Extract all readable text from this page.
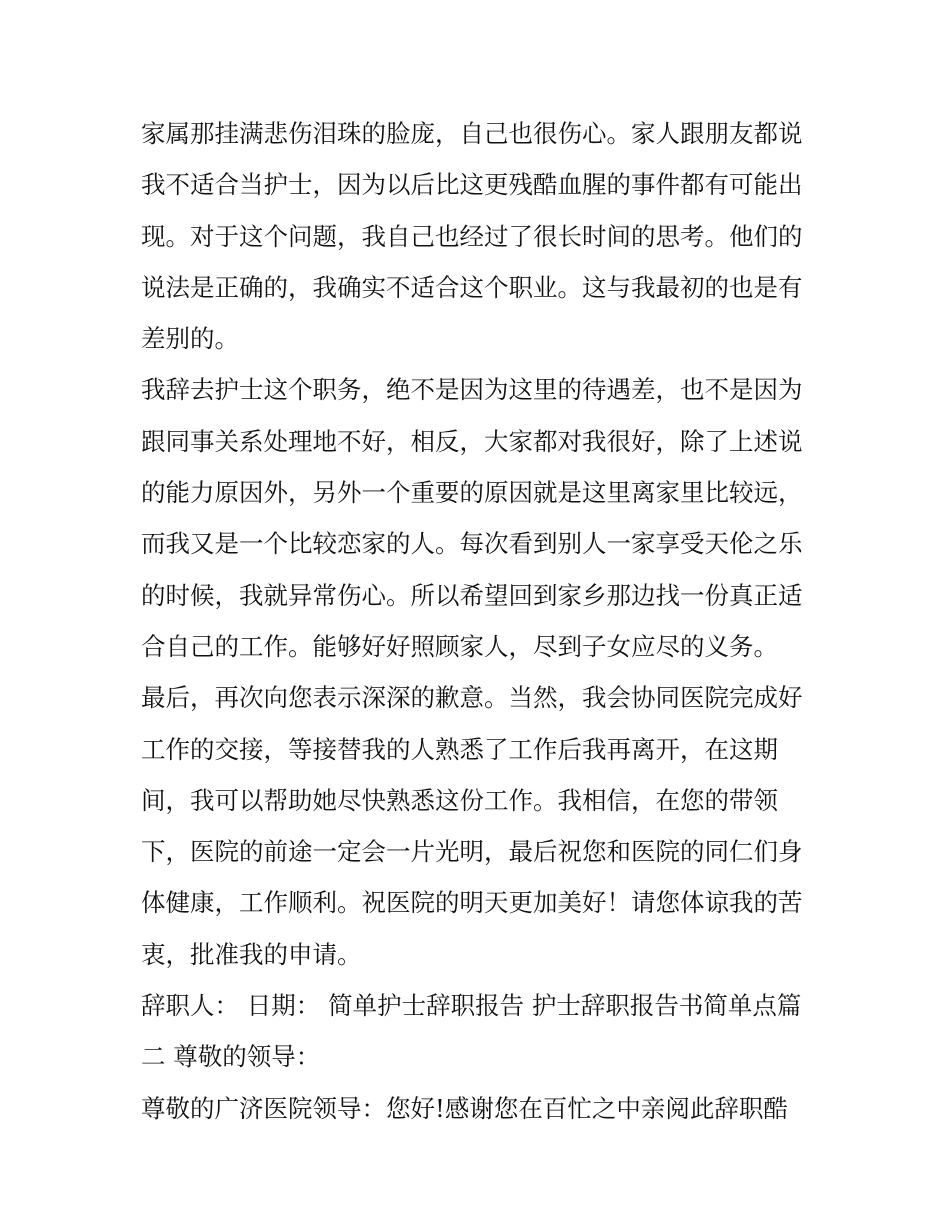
家属那挂满悲伤泪珠的脸庞，自己也很伤心。家人跟朋友都说
我不适合当护士，因为以后比这更残酷血腥的事件都有可能出
现。对于这个问题，我自己也经过了很长时间的思考。他们的
说法是正确的，我确实不适合这个职业。这与我最初的也是有
差别的。
我辞去护士这个职务，绝不是因为这里的待遇差，也不是因为
跟同事关系处理地不好，相反，大家都对我很好，除了上述说
的能力原因外，另外一个重要的原因就是这里离家里比较远，
而我又是一个比较恋家的人。每次看到别人一家享受天伦之乐
的时候，我就异常伤心。所以希望回到家乡那边找一份真正适
合自己的工作。能够好好照顾家人，尽到子女应尽的义务。
最后，再次向您表示深深的歉意。当然，我会协同医院完成好
工作的交接，等接替我的人熟悉了工作后我再离开，在这期
间，我可以帮助她尽快熟悉这份工作。我相信，在您的带领
下，医院的前途一定会一片光明，最后祝您和医院的同仁们身
体健康，工作顺利。祝医院的明天更加美好！请您体谅我的苦
衷，批准我的申请。
辞职人： 日期： 简单护士辞职报告 护士辞职报告书简单点篇
二 尊敬的领导：
尊敬的广济医院领导：您好!感谢您在百忙之中亲阅此辞职酷
